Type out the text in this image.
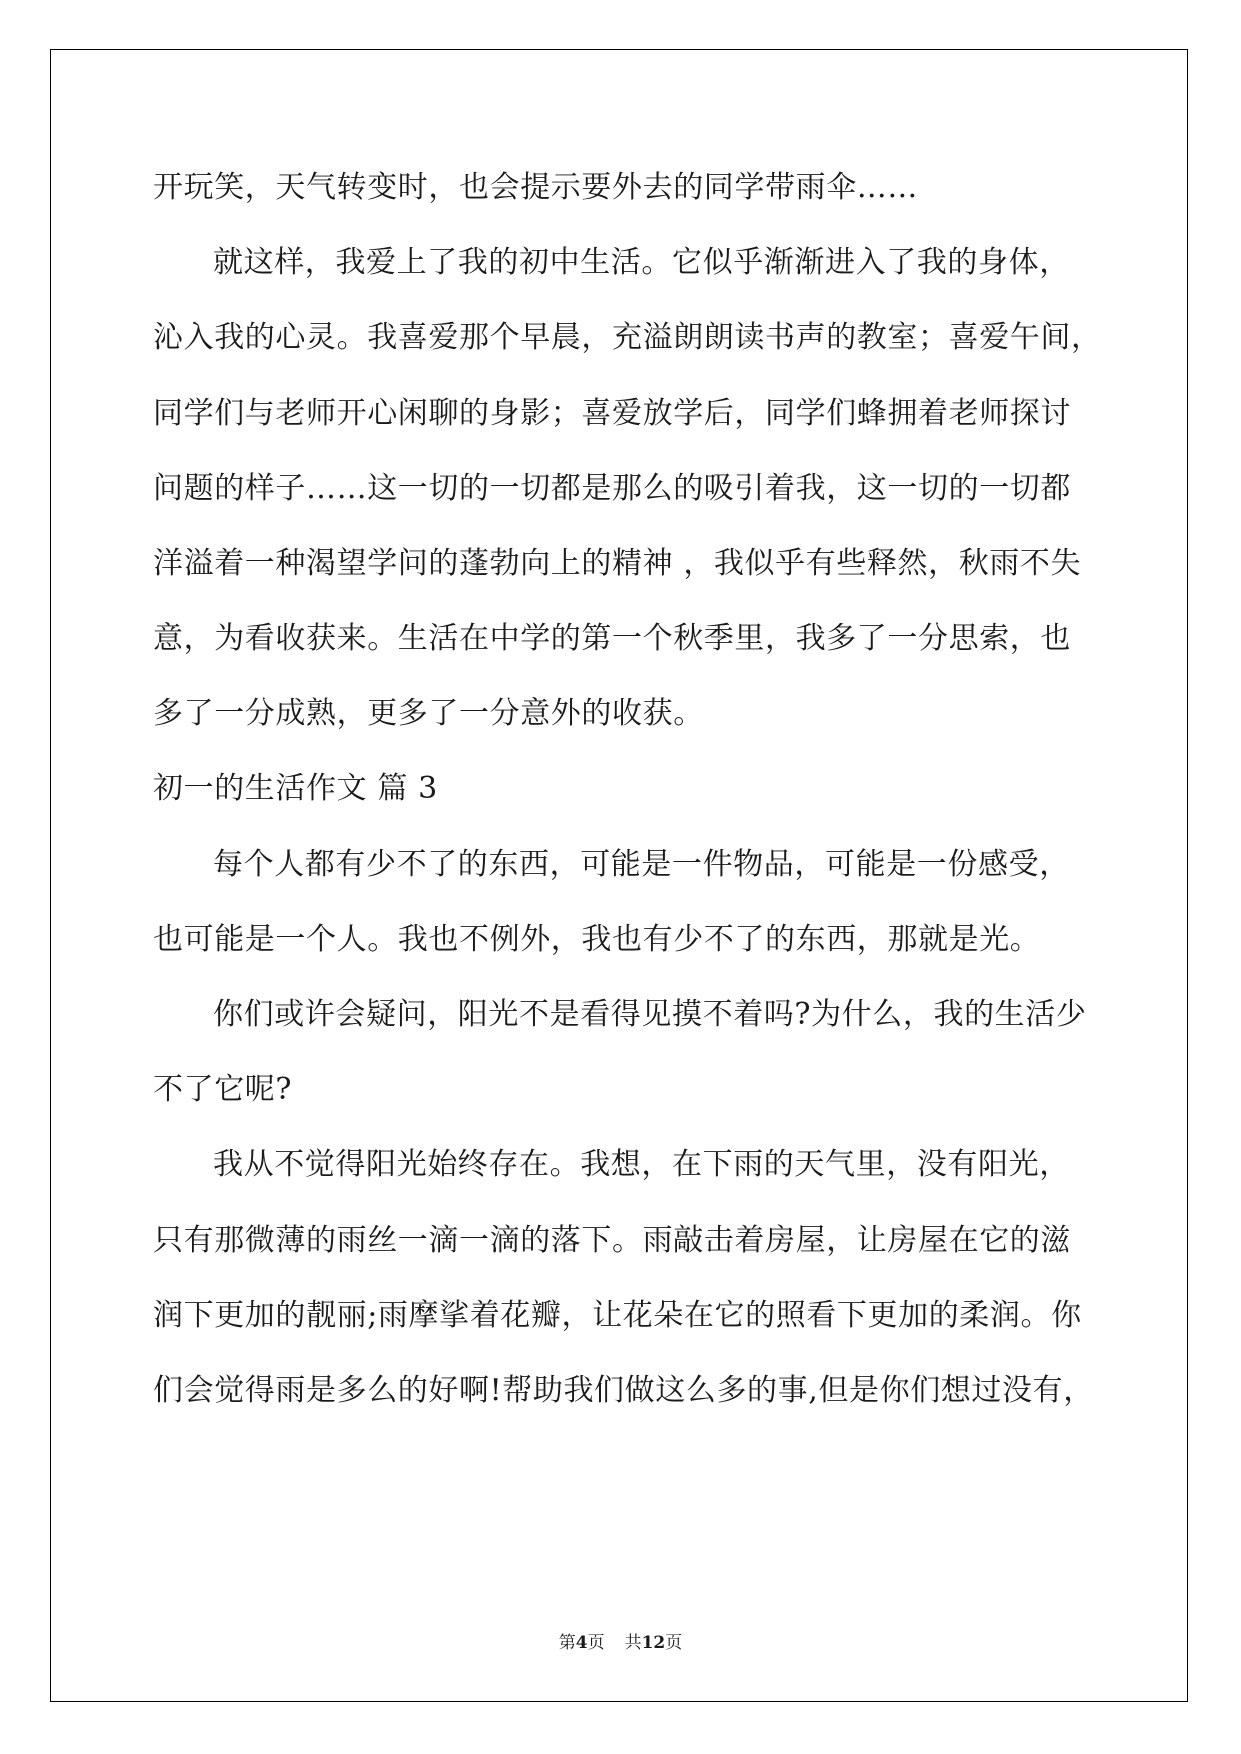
开玩笑，天气转变时，也会提示要外去的同学带雨伞……
就这样，我爱上了我的初中生活。它似乎渐渐进入了我的身体，
沁入我的心灵。我喜爱那个早晨，充溢朗朗读书声的教室；喜爱午间，
同学们与老师开心闲聊的身影；喜爱放学后，同学们蜂拥着老师探讨
问题的样子……这一切的一切都是那么的吸引着我，这一切的一切都
洋溢着一种渴望学问的蓬勃向上的精神 ，我似乎有些释然，秋雨不失
意，为看收获来。生活在中学的第一个秋季里，我多了一分思索，也
多了一分成熟，更多了一分意外的收获。
初一的生活作文 篇 3
每个人都有少不了的东西，可能是一件物品，可能是一份感受，
也可能是一个人。我也不例外，我也有少不了的东西，那就是光。
你们或许会疑问，阳光不是看得见摸不着吗?为什么，我的生活少
不了它呢?
我从不觉得阳光始终存在。我想，在下雨的天气里，没有阳光，
只有那微薄的雨丝一滴一滴的落下。雨敲击着房屋，让房屋在它的滋
润下更加的靓丽;雨摩挲着花瓣，让花朵在它的照看下更加的柔润。你
们会觉得雨是多么的好啊!帮助我们做这么多的事,但是你们想过没有，
第4页 共12页
